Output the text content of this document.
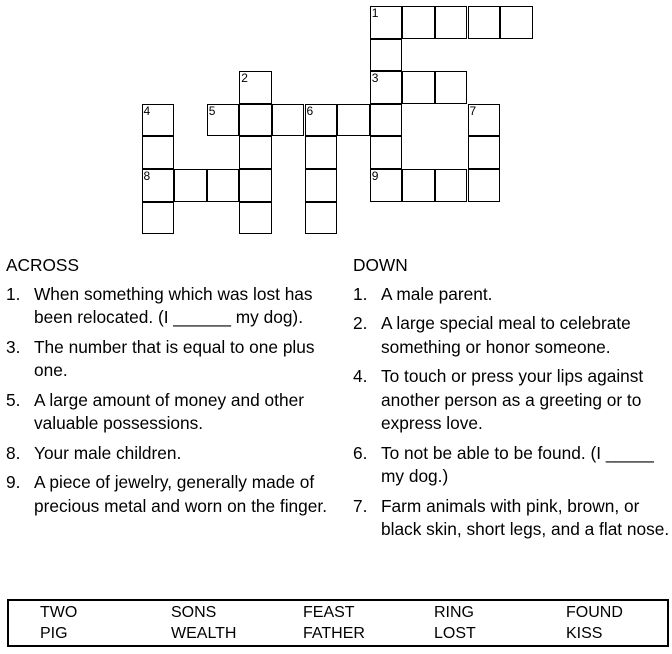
1
2	3
4	5	6	7
8	9
ACROSS
1. When something which was lost has been relocated. (I ______ my dog).
3. The number that is equal to one plus one.
5. A large amount of money and other valuable possessions.
8. Your male children.
9. A piece of jewelry, generally made of precious metal and worn on the finger.
DOWN
1. A male parent.
2. A large special meal to celebrate something or honor someone.
4. To touch or press your lips against another person as a greeting or to express love.
6. To not be able to be found. (I _____ my dog.)
7. Farm animals with pink, brown, or black skin, short legs, and a flat nose.
TWO	SONS	FEAST	RING	FOUND
PIG	WEALTH	FATHER	LOST	KISS
